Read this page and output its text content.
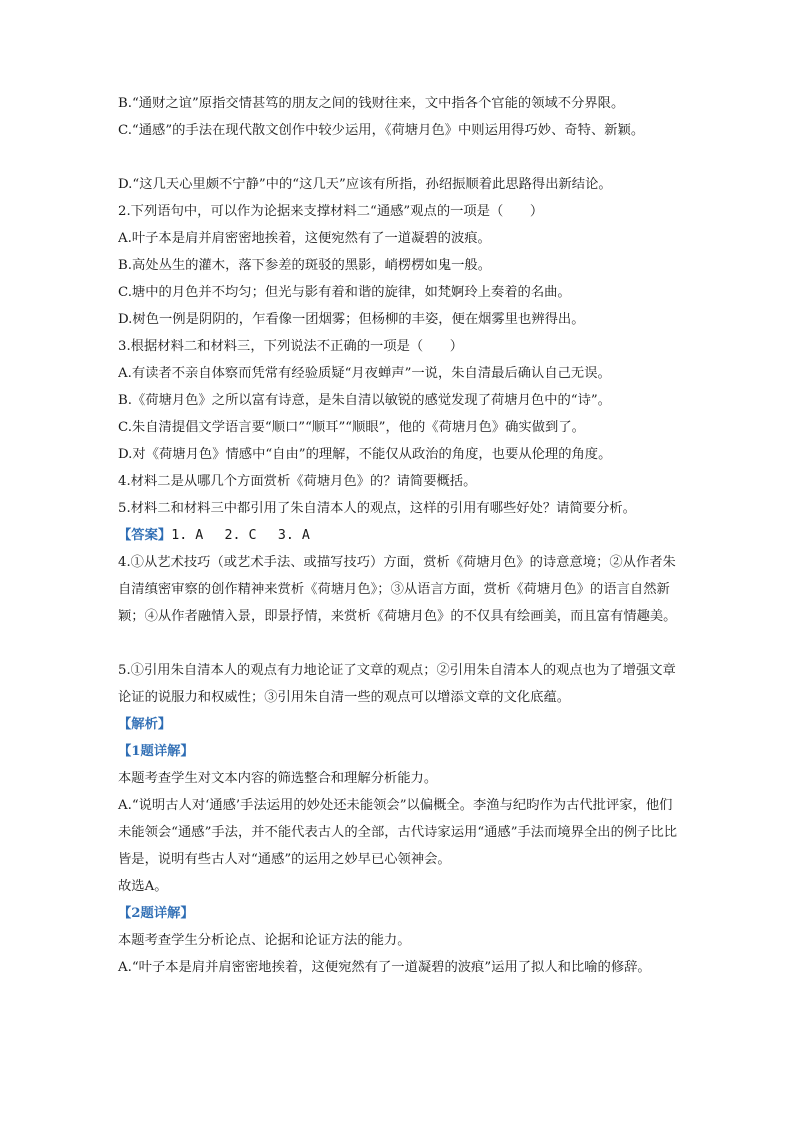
B.“通财之谊”原指交情甚笃的朋友之间的钱财往来，文中指各个官能的领域不分界限。
C.“通感”的手法在现代散文创作中较少运用，《荷塘月色》中则运用得巧妙、奇特、新颖。
D.“这几天心里颇不宁静”中的“这几天”应该有所指，孙绍振顺着此思路得出新结论。
2.下列语句中，可以作为论据来支撑材料二“通感”观点的一项是（　　）
A.叶子本是肩并肩密密地挨着，这便宛然有了一道凝碧的波痕。
B.高处丛生的灌木，落下参差的斑驳的黑影，峭楞楞如鬼一般。
C.塘中的月色并不均匀；但光与影有着和谐的旋律，如梵婀玲上奏着的名曲。
D.树色一例是阴阴的，乍看像一团烟雾；但杨柳的丰姿，便在烟雾里也辨得出。
3.根据材料二和材料三，下列说法不正确的一项是（　　）
A.有读者不亲自体察而凭常有经验质疑“月夜蝉声”一说，朱自清最后确认自己无误。
B.《荷塘月色》之所以富有诗意，是朱自清以敏锐的感觉发现了荷塘月色中的“诗”。
C.朱自清提倡文学语言要“顺口”“顺耳”“顺眼”，他的《荷塘月色》确实做到了。
D.对《荷塘月色》情感中“自由”的理解，不能仅从政治的角度，也要从伦理的角度。
4.材料二是从哪几个方面赏析《荷塘月色》的？请简要概括。
5.材料二和材料三中都引用了朱自清本人的观点，这样的引用有哪些好处？请简要分析。
【答案】1. A　 2. C　 3. A
4.①从艺术技巧（或艺术手法、或描写技巧）方面，赏析《荷塘月色》的诗意意境；②从作者朱自清缜密审察的创作精神来赏析《荷塘月色》；③从语言方面，赏析《荷塘月色》的语言自然新颖；④从作者融情入景，即景抒情，来赏析《荷塘月色》的不仅具有绘画美，而且富有情趣美。
5.①引用朱自清本人的观点有力地论证了文章的观点；②引用朱自清本人的观点也为了增强文章论证的说服力和权威性；③引用朱自清一些的观点可以增添文章的文化底蕴。
【解析】
【1题详解】
本题考查学生对文本内容的筛选整合和理解分析能力。
A.“说明古人对‘通感’手法运用的妙处还未能领会”以偏概全。李渔与纪昀作为古代批评家，他们未能领会“通感”手法，并不能代表古人的全部，古代诗家运用“通感”手法而境界全出的例子比比皆是，说明有些古人对“通感”的运用之妙早已心领神会。
故选A。
【2题详解】
本题考查学生分析论点、论据和论证方法的能力。
A.“叶子本是肩并肩密密地挨着，这便宛然有了一道凝碧的波痕”运用了拟人和比喻的修辞。
